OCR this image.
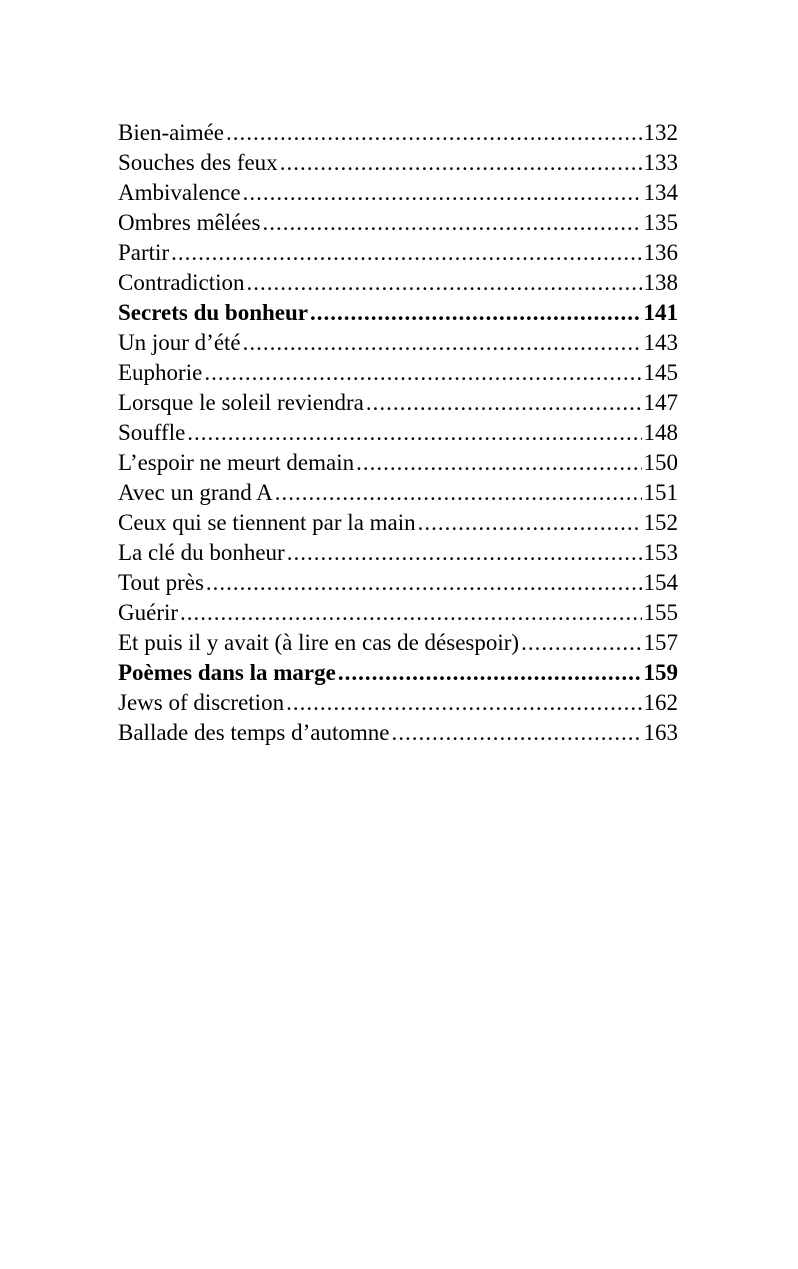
Bien-aimée .....	132
Souches des feux .....	133
Ambivalence .....	134
Ombres mêlées .....	135
Partir .....	136
Contradiction .....	138
Secrets du bonheur .....	141
Un jour d’été .....	143
Euphorie .....	145
Lorsque le soleil reviendra .....	147
Souffle .....	148
L’espoir ne meurt demain .....	150
Avec un grand A .....	151
Ceux qui se tiennent par la main .....	152
La clé du bonheur .....	153
Tout près .....	154
Guérir .....	155
Et puis il y avait (à lire en cas de désespoir) .....	157
Poèmes dans la marge .....	159
Jews of discretion .....	162
Ballade des temps d’automne .....	163
